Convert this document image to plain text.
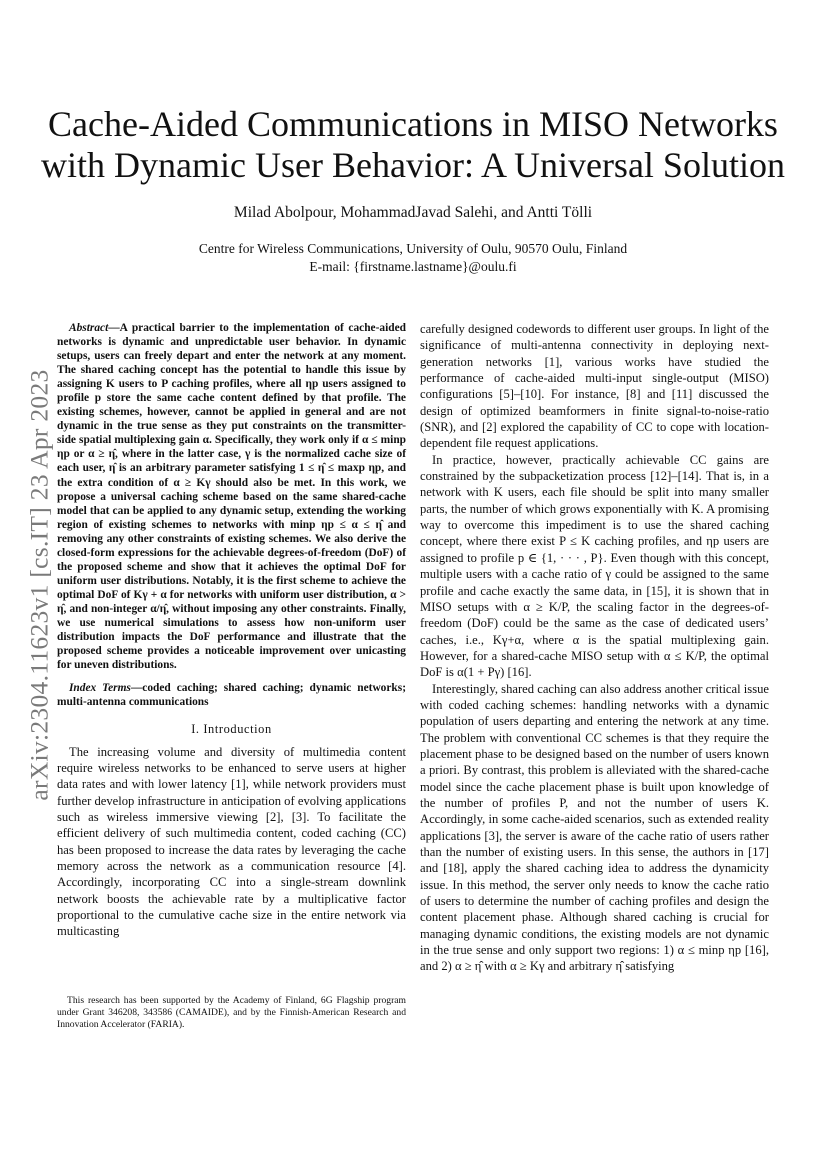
arXiv:2304.11623v1 [cs.IT] 23 Apr 2023
Cache-Aided Communications in MISO Networks
with Dynamic User Behavior: A Universal Solution
Milad Abolpour, MohammadJavad Salehi, and Antti Tölli
Centre for Wireless Communications, University of Oulu, 90570 Oulu, Finland
E-mail: {firstname.lastname}@oulu.fi

Abstract—A practical barrier to the implementation of cache-aided networks is dynamic and unpredictable user behavior. In dynamic setups, users can freely depart and enter the network at any moment. The shared caching concept has the potential to handle this issue by assigning K users to P caching profiles, where all ηp users assigned to profile p store the same cache content defined by that profile. The existing schemes, however, cannot be applied in general and are not dynamic in the true sense as they put constraints on the transmitter-side spatial multiplexing gain α. Specifically, they work only if α ≤ minp ηp or α ≥ η̂, where in the latter case, γ is the normalized cache size of each user, η̂ is an arbitrary parameter satisfying 1 ≤ η̂ ≤ maxp ηp, and the extra condition of α ≥ Kγ should also be met. In this work, we propose a universal caching scheme based on the same shared-cache model that can be applied to any dynamic setup, extending the working region of existing schemes to networks with minp ηp ≤ α ≤ η̂ and removing any other constraints of existing schemes. We also derive the closed-form expressions for the achievable degrees-of-freedom (DoF) of the proposed scheme and show that it achieves the optimal DoF for uniform user distributions. Notably, it is the first scheme to achieve the optimal DoF of Kγ + α for networks with uniform user distribution, α > η̂, and non-integer α/η̂, without imposing any other constraints. Finally, we use numerical simulations to assess how non-uniform user distribution impacts the DoF performance and illustrate that the proposed scheme provides a noticeable improvement over unicasting for uneven distributions.

Index Terms—coded caching; shared caching; dynamic networks; multi-antenna communications

I. Introduction

The increasing volume and diversity of multimedia content require wireless networks to be enhanced to serve users at higher data rates and with lower latency [1], while network providers must further develop infrastructure in anticipation of evolving applications such as wireless immersive viewing [2], [3]. To facilitate the efficient delivery of such multimedia content, coded caching (CC) has been proposed to increase the data rates by leveraging the cache memory across the network as a communication resource [4]. Accordingly, incorporating CC into a single-stream downlink network boosts the achievable rate by a multiplicative factor proportional to the cumulative cache size in the entire network via multicasting

This research has been supported by the Academy of Finland, 6G Flagship program under Grant 346208, 343586 (CAMAIDE), and by the Finnish-American Research and Innovation Accelerator (FARIA).

carefully designed codewords to different user groups. In light of the significance of multi-antenna connectivity in deploying next-generation networks [1], various works have studied the performance of cache-aided multi-input single-output (MISO) configurations [5]–[10]. For instance, [8] and [11] discussed the design of optimized beamformers in finite signal-to-noise-ratio (SNR), and [2] explored the capability of CC to cope with location-dependent file request applications.

In practice, however, practically achievable CC gains are constrained by the subpacketization process [12]–[14]. That is, in a network with K users, each file should be split into many smaller parts, the number of which grows exponentially with K. A promising way to overcome this impediment is to use the shared caching concept, where there exist P ≤ K caching profiles, and ηp users are assigned to profile p ∈ {1, · · · , P}. Even though with this concept, multiple users with a cache ratio of γ could be assigned to the same profile and cache exactly the same data, in [15], it is shown that in MISO setups with α ≥ K/P, the scaling factor in the degrees-of-freedom (DoF) could be the same as the case of dedicated users’ caches, i.e., Kγ+α, where α is the spatial multiplexing gain. However, for a shared-cache MISO setup with α ≤ K/P, the optimal DoF is α(1 + Pγ) [16].

Interestingly, shared caching can also address another critical issue with coded caching schemes: handling networks with a dynamic population of users departing and entering the network at any time. The problem with conventional CC schemes is that they require the placement phase to be designed based on the number of users known a priori. By contrast, this problem is alleviated with the shared-cache model since the cache placement phase is built upon knowledge of the number of profiles P, and not the number of users K. Accordingly, in some cache-aided scenarios, such as extended reality applications [3], the server is aware of the cache ratio of users rather than the number of existing users. In this sense, the authors in [17] and [18], apply the shared caching idea to address the dynamicity issue. In this method, the server only needs to know the cache ratio of users to determine the number of caching profiles and design the content placement phase. Although shared caching is crucial for managing dynamic conditions, the existing models are not dynamic in the true sense and only support two regions: 1) α ≤ minp ηp [16], and 2) α ≥ η̂ with α ≥ Kγ and arbitrary η̂ satisfying
